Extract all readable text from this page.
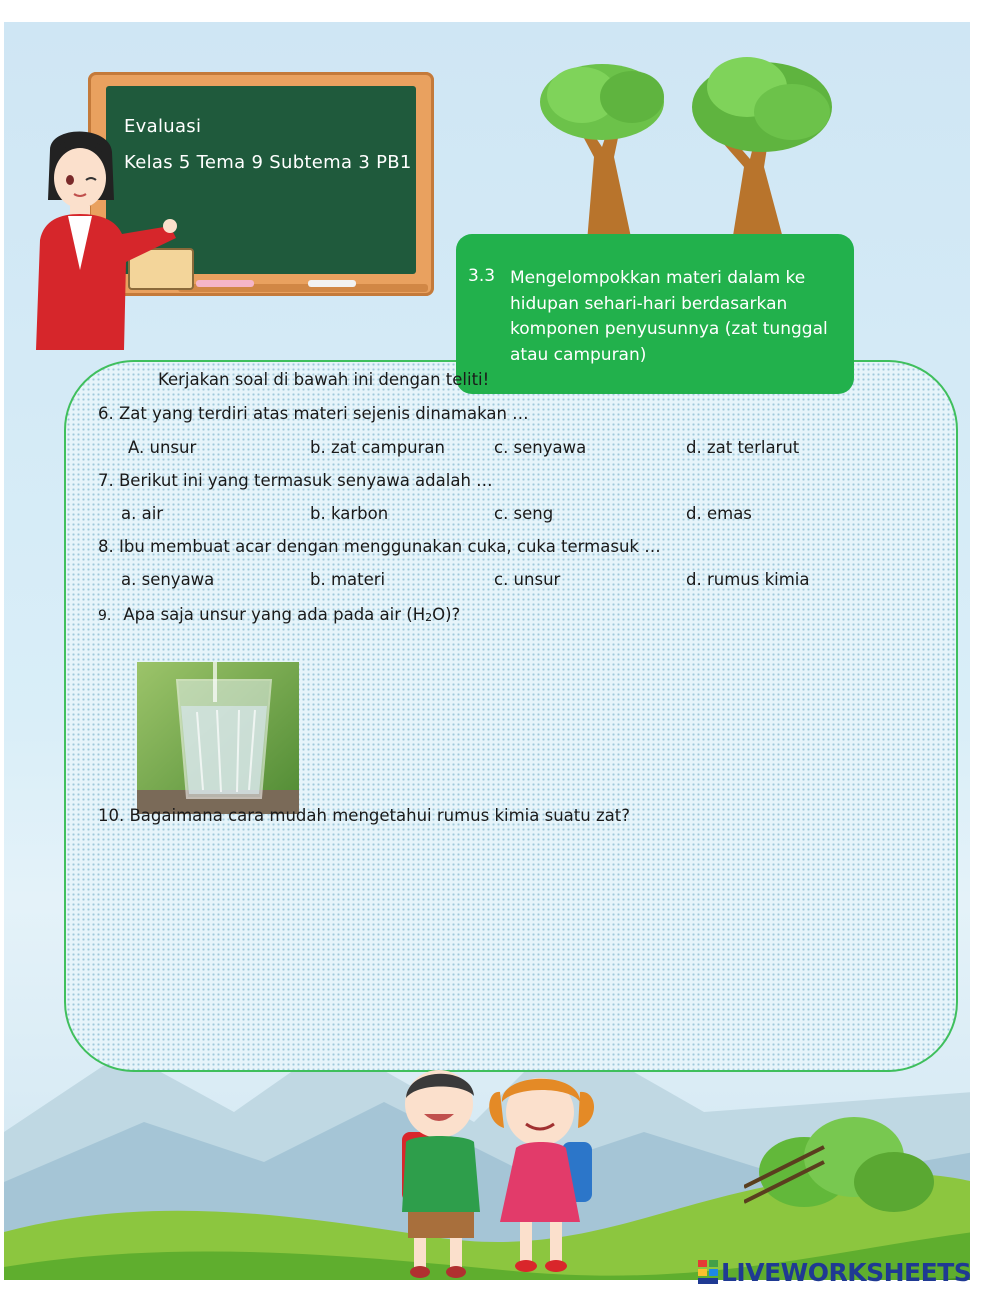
Evaluasi
Kelas 5 Tema 9 Subtema 3 PB1
3.3 Mengelompokkan materi dalam ke hidupan sehari-hari berdasarkan komponen penyusunnya (zat tunggal atau campuran)
Kerjakan soal di bawah ini dengan teliti!
6. Zat yang terdiri atas materi sejenis dinamakan …
A. unsur	b. zat campuran	c. senyawa	d. zat terlarut
7. Berikut ini yang termasuk senyawa adalah …
a. air	b. karbon	c. seng	d. emas
8. Ibu membuat acar dengan menggunakan cuka, cuka termasuk …
a. senyawa	b. materi	c. unsur	d. rumus kimia
9. Apa saja unsur yang ada pada air $(H_2O)$?
10. Bagaimana cara mudah mengetahui rumus kimia suatu zat?
LIVEWORKSHEETS
